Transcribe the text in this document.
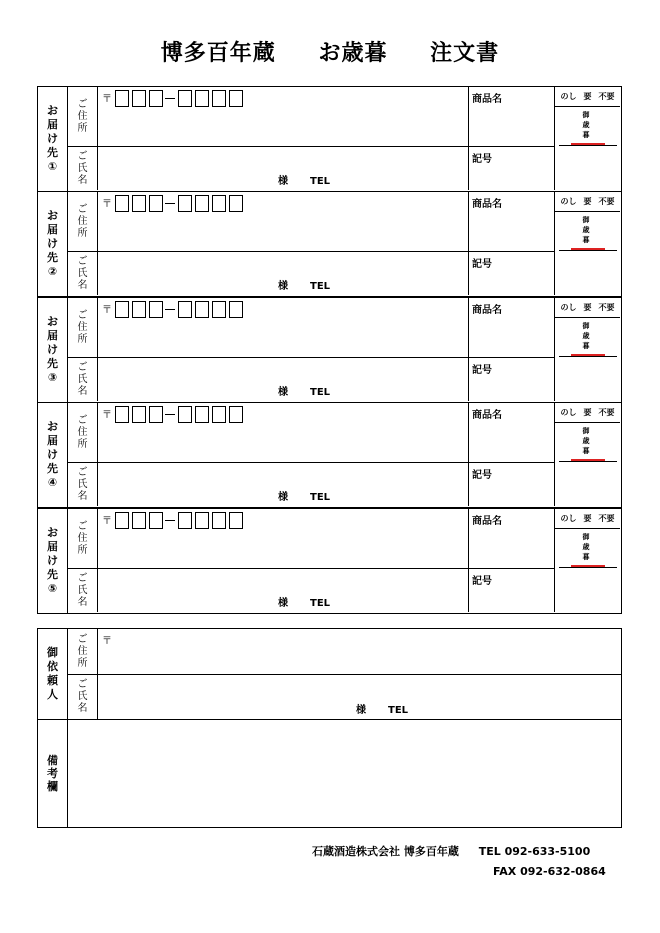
博多百年蔵 お歳暮 注文書
お
届
け
先
①
ご
住
所
ご
氏
名
〒
様 TEL
商品名
記号
のし 要 不要
御
歳
暮
お
届
け
先
②
ご
住
所
ご
氏
名
〒
様 TEL
商品名
記号
のし 要 不要
御
歳
暮
お
届
け
先
③
ご
住
所
ご
氏
名
〒
様 TEL
商品名
記号
のし 要 不要
御
歳
暮
お
届
け
先
④
ご
住
所
ご
氏
名
〒
様 TEL
商品名
記号
のし 要 不要
御
歳
暮
お
届
け
先
⑤
ご
住
所
ご
氏
名
〒
様 TEL
商品名
記号
のし 要 不要
御
歳
暮
御
依
頼
人
ご
住
所
ご
氏
名
〒
様 TEL
備
考
欄
石蔵酒造株式会社 博多百年蔵 TEL 092-633-5100
FAX 092-632-0864
